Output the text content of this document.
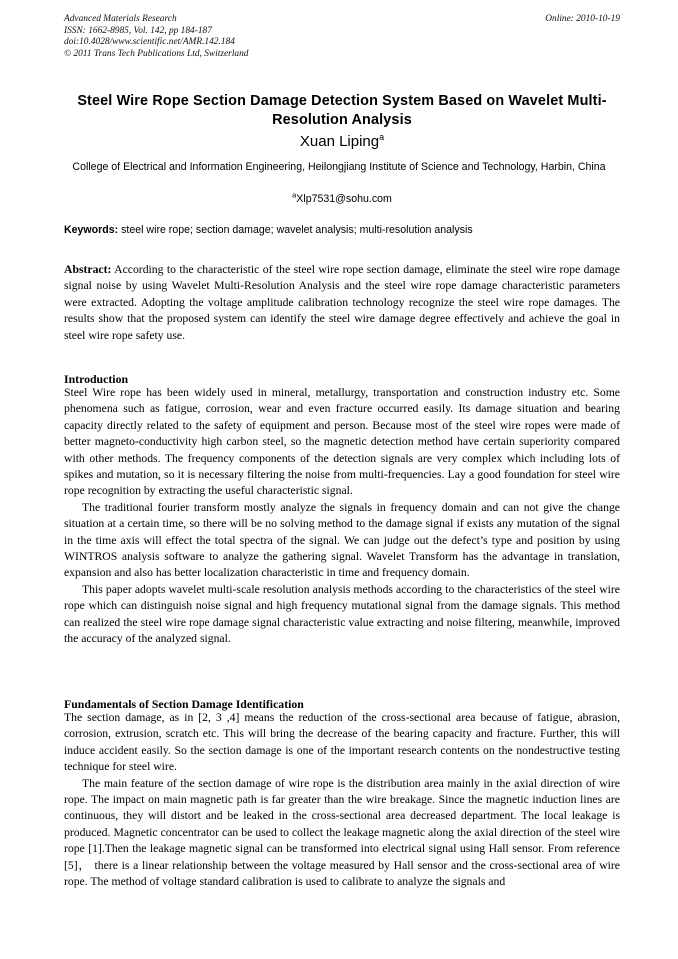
Advanced Materials Research	Online: 2010-10-19
ISSN: 1662-8985, Vol. 142, pp 184-187
doi:10.4028/www.scientific.net/AMR.142.184
© 2011 Trans Tech Publications Ltd, Switzerland
Steel Wire Rope Section Damage Detection System Based on Wavelet Multi-Resolution Analysis
Xuan Liping$^a$
College of Electrical and Information Engineering, Heilongjiang Institute of Science and Technology, Harbin, China
$^a$Xlp7531@sohu.com
Keywords: steel wire rope; section damage; wavelet analysis; multi-resolution analysis

Abstract: According to the characteristic of the steel wire rope section damage, eliminate the steel wire rope damage signal noise by using Wavelet Multi-Resolution Analysis and the steel wire rope damage characteristic parameters were extracted. Adopting the voltage amplitude calibration technology recognize the steel wire rope damages. The results show that the proposed system can identify the steel wire damage degree effectively and achieve the goal in steel wire rope safety use.

Introduction

Steel Wire rope has been widely used in mineral, metallurgy, transportation and construction industry etc. Some phenomena such as fatigue, corrosion, wear and even fracture occurred easily. Its damage situation and bearing capacity directly related to the safety of equipment and person. Because most of the steel wire ropes were made of better magneto-conductivity high carbon steel, so the magnetic detection method have certain superiority compared with other methods. The frequency components of the detection signals are very complex which including lots of spikes and mutation, so it is necessary filtering the noise from multi-frequencies. Lay a good foundation for steel wire rope recognition by extracting the useful characteristic signal.

The traditional fourier transform mostly analyze the signals in frequency domain and can not give the change situation at a certain time, so there will be no solving method to the damage signal if exists any mutation of the signal in the time axis will effect the total spectra of the signal. We can judge out the defect’s type and position by using WINTROS analysis software to analyze the gathering signal. Wavelet Transform has the advantage in translation, expansion and also has better localization characteristic in time and frequency domain.

This paper adopts wavelet multi-scale resolution analysis methods according to the characteristics of the steel wire rope which can distinguish noise signal and high frequency mutational signal from the damage signals. This method can realized the steel wire rope damage signal characteristic value extracting and noise filtering, meanwhile, improved the accuracy of the analyzed signal.

Fundamentals of Section Damage Identification

The section damage, as in [2, 3 ,4] means the reduction of the cross-sectional area because of fatigue, abrasion, corrosion, extrusion, scratch etc. This will bring the decrease of the bearing capacity and fracture. Further, this will induce accident easily. So the section damage is one of the important research contents on the nondestructive testing technique for steel wire.

The main feature of the section damage of wire rope is the distribution area mainly in the axial direction of wire rope. The impact on main magnetic path is far greater than the wire breakage. Since the magnetic induction lines are continuous, they will distort and be leaked in the cross-sectional area decreased department. The local leakage is produced. Magnetic concentrator can be used to collect the leakage magnetic along the axial direction of the steel wire rope [1].Then the leakage magnetic signal can be transformed into electrical signal using Hall sensor. From reference [5]， there is a linear relationship between the voltage measured by Hall sensor and the cross-sectional area of wire rope. The method of voltage standard calibration is used to calibrate to analyze the signals and
